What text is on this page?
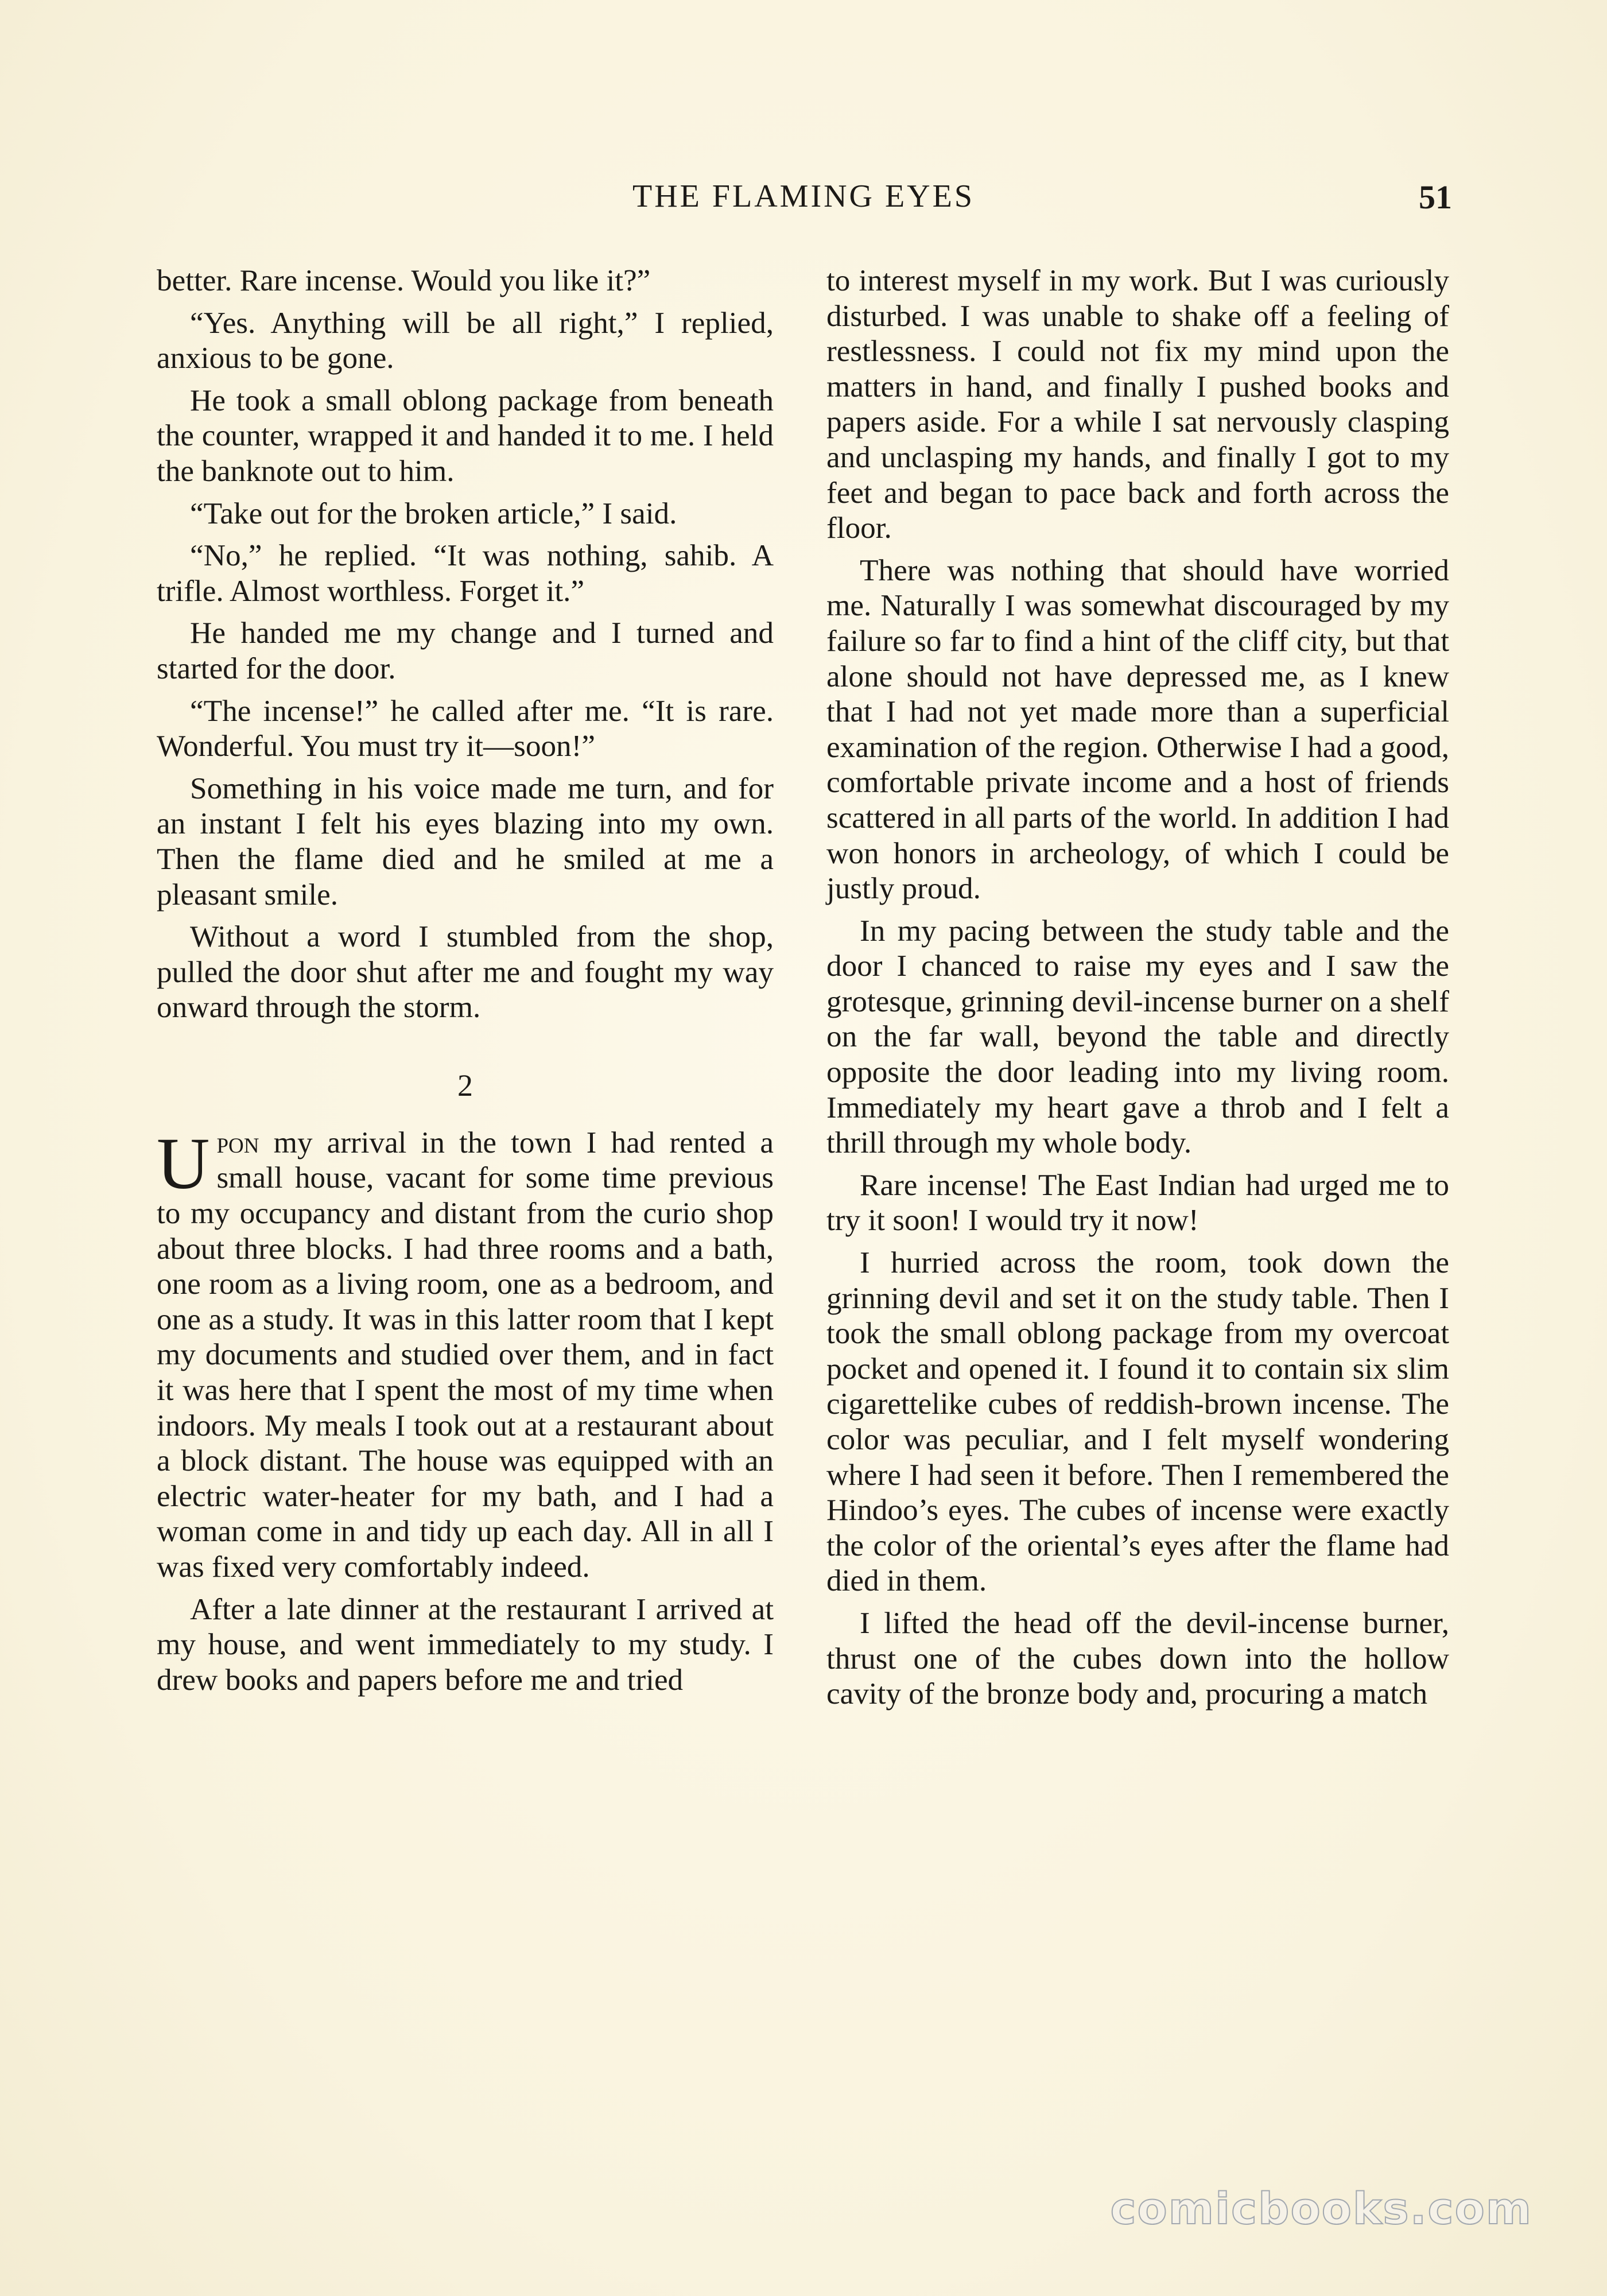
THE FLAMING EYES	51

better. Rare incense. Would you like it?”

“Yes. Anything will be all right,” I replied, anxious to be gone.

He took a small oblong package from beneath the counter, wrapped it and handed it to me. I held the banknote out to him.

“Take out for the broken article,” I said.

“No,” he replied. “It was nothing, sahib. A trifle. Almost worthless. Forget it.”

He handed me my change and I turned and started for the door.

“The incense!” he called after me. “It is rare. Wonderful. You must try it—soon!”

Something in his voice made me turn, and for an instant I felt his eyes blazing into my own. Then the flame died and he smiled at me a pleasant smile.

Without a word I stumbled from the shop, pulled the door shut after me and fought my way onward through the storm.

2

Upon my arrival in the town I had rented a small house, vacant for some time previous to my occupancy and distant from the curio shop about three blocks. I had three rooms and a bath, one room as a living room, one as a bedroom, and one as a study. It was in this latter room that I kept my documents and studied over them, and in fact it was here that I spent the most of my time when indoors. My meals I took out at a restaurant about a block distant. The house was equipped with an electric water-heater for my bath, and I had a woman come in and tidy up each day. All in all I was fixed very comfortably indeed.

After a late dinner at the restaurant I arrived at my house, and went immediately to my study. I drew books and papers before me and tried

to interest myself in my work. But I was curiously disturbed. I was unable to shake off a feeling of restlessness. I could not fix my mind upon the matters in hand, and finally I pushed books and papers aside. For a while I sat nervously clasping and unclasping my hands, and finally I got to my feet and began to pace back and forth across the floor.

There was nothing that should have worried me. Naturally I was somewhat discouraged by my failure so far to find a hint of the cliff city, but that alone should not have depressed me, as I knew that I had not yet made more than a superficial examination of the region. Otherwise I had a good, comfortable private income and a host of friends scattered in all parts of the world. In addition I had won honors in archeology, of which I could be justly proud.

In my pacing between the study table and the door I chanced to raise my eyes and I saw the grotesque, grinning devil-incense burner on a shelf on the far wall, beyond the table and directly opposite the door leading into my living room. Immediately my heart gave a throb and I felt a thrill through my whole body.

Rare incense! The East Indian had urged me to try it soon! I would try it now!

I hurried across the room, took down the grinning devil and set it on the study table. Then I took the small oblong package from my overcoat pocket and opened it. I found it to contain six slim cigarettelike cubes of reddish-brown incense. The color was peculiar, and I felt myself wondering where I had seen it before. Then I remembered the Hindoo’s eyes. The cubes of incense were exactly the color of the oriental’s eyes after the flame had died in them.

I lifted the head off the devil-incense burner, thrust one of the cubes down into the hollow cavity of the bronze body and, procuring a match

comicbooks.com
